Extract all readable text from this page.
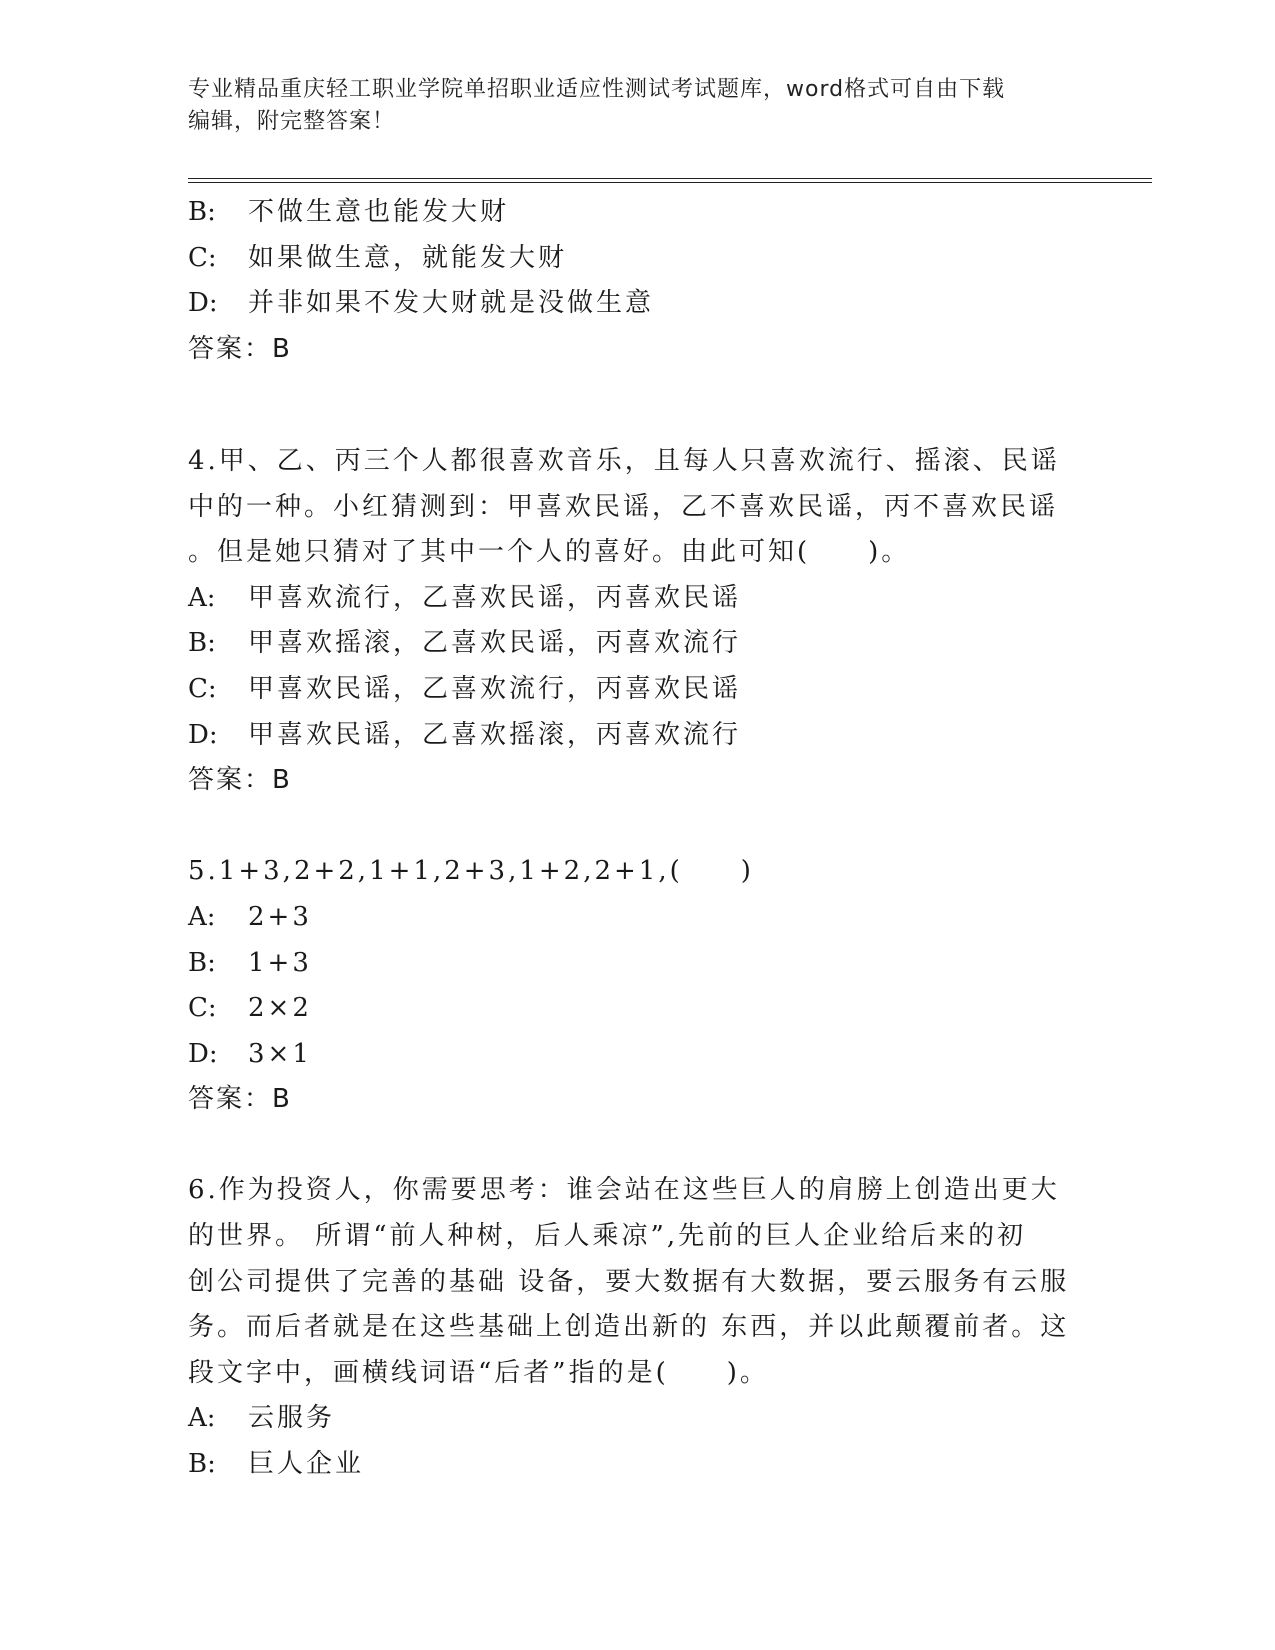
专业精品重庆轻工职业学院单招职业适应性测试考试题库，word格式可自由下载
编辑，附完整答案！
B: 不做生意也能发大财
C: 如果做生意，就能发大财
D: 并非如果不发大财就是没做生意
答案：B
4.甲、乙、丙三个人都很喜欢音乐，且每人只喜欢流行、摇滚、民谣
中的一种。小红猜测到：甲喜欢民谣，乙不喜欢民谣，丙不喜欢民谣
。但是她只猜对了其中一个人的喜好。由此可知(　　)。
A: 甲喜欢流行，乙喜欢民谣，丙喜欢民谣
B: 甲喜欢摇滚，乙喜欢民谣，丙喜欢流行
C: 甲喜欢民谣，乙喜欢流行，丙喜欢民谣
D: 甲喜欢民谣，乙喜欢摇滚，丙喜欢流行
答案：B
5.1+3,2+2,1+1,2+3,1+2,2+1,(　　)
A: 2+3
B: 1+3
C: 2×2
D: 3×1
答案：B
6.作为投资人，你需要思考：谁会站在这些巨人的肩膀上创造出更大
的世界。 所谓“前人种树，后人乘凉”,先前的巨人企业给后来的初
创公司提供了完善的基础 设备，要大数据有大数据，要云服务有云服
务。而后者就是在这些基础上创造出新的 东西，并以此颠覆前者。这
段文字中，画横线词语“后者”指的是(　　)。
A: 云服务
B: 巨人企业
